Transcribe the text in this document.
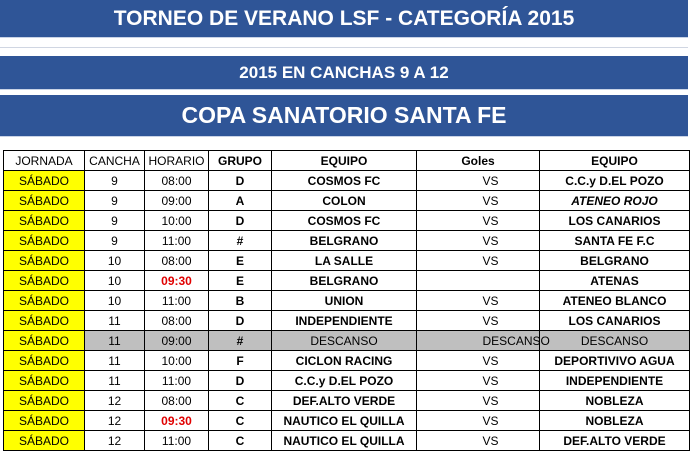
TORNEO DE VERANO LSF - CATEGORÍA 2015
2015 EN CANCHAS 9 A 12
COPA SANATORIO SANTA FE
JORNADA	CANCHA	HORARIO	GRUPO	EQUIPO	Goles		EQUIPO
SÁBADO	9	08:00	D	COSMOS FC		VS	C.C.y D.EL POZO
SÁBADO	9	09:00	A	COLON		VS	ATENEO ROJO
SÁBADO	9	10:00	D	COSMOS FC		VS	LOS CANARIOS
SÁBADO	9	11:00	#	BELGRANO		VS	SANTA FE F.C
SÁBADO	10	08:00	E	LA SALLE		VS	BELGRANO
SÁBADO	10	09:30	E	BELGRANO			ATENAS
SÁBADO	10	11:00	B	UNION		VS	ATENEO BLANCO
SÁBADO	11	08:00	D	INDEPENDIENTE		VS	LOS CANARIOS
SÁBADO	11	09:00	#	DESCANSO		DESCANSO	DESCANSO
SÁBADO	11	10:00	F	CICLON RACING		VS	DEPORTIVIVO AGUA
SÁBADO	11	11:00	D	C.C.y D.EL POZO		VS	INDEPENDIENTE
SÁBADO	12	08:00	C	DEF.ALTO VERDE		VS	NOBLEZA
SÁBADO	12	09:30	C	NAUTICO EL QUILLA		VS	NOBLEZA
SÁBADO	12	11:00	C	NAUTICO EL QUILLA		VS	DEF.ALTO VERDE
